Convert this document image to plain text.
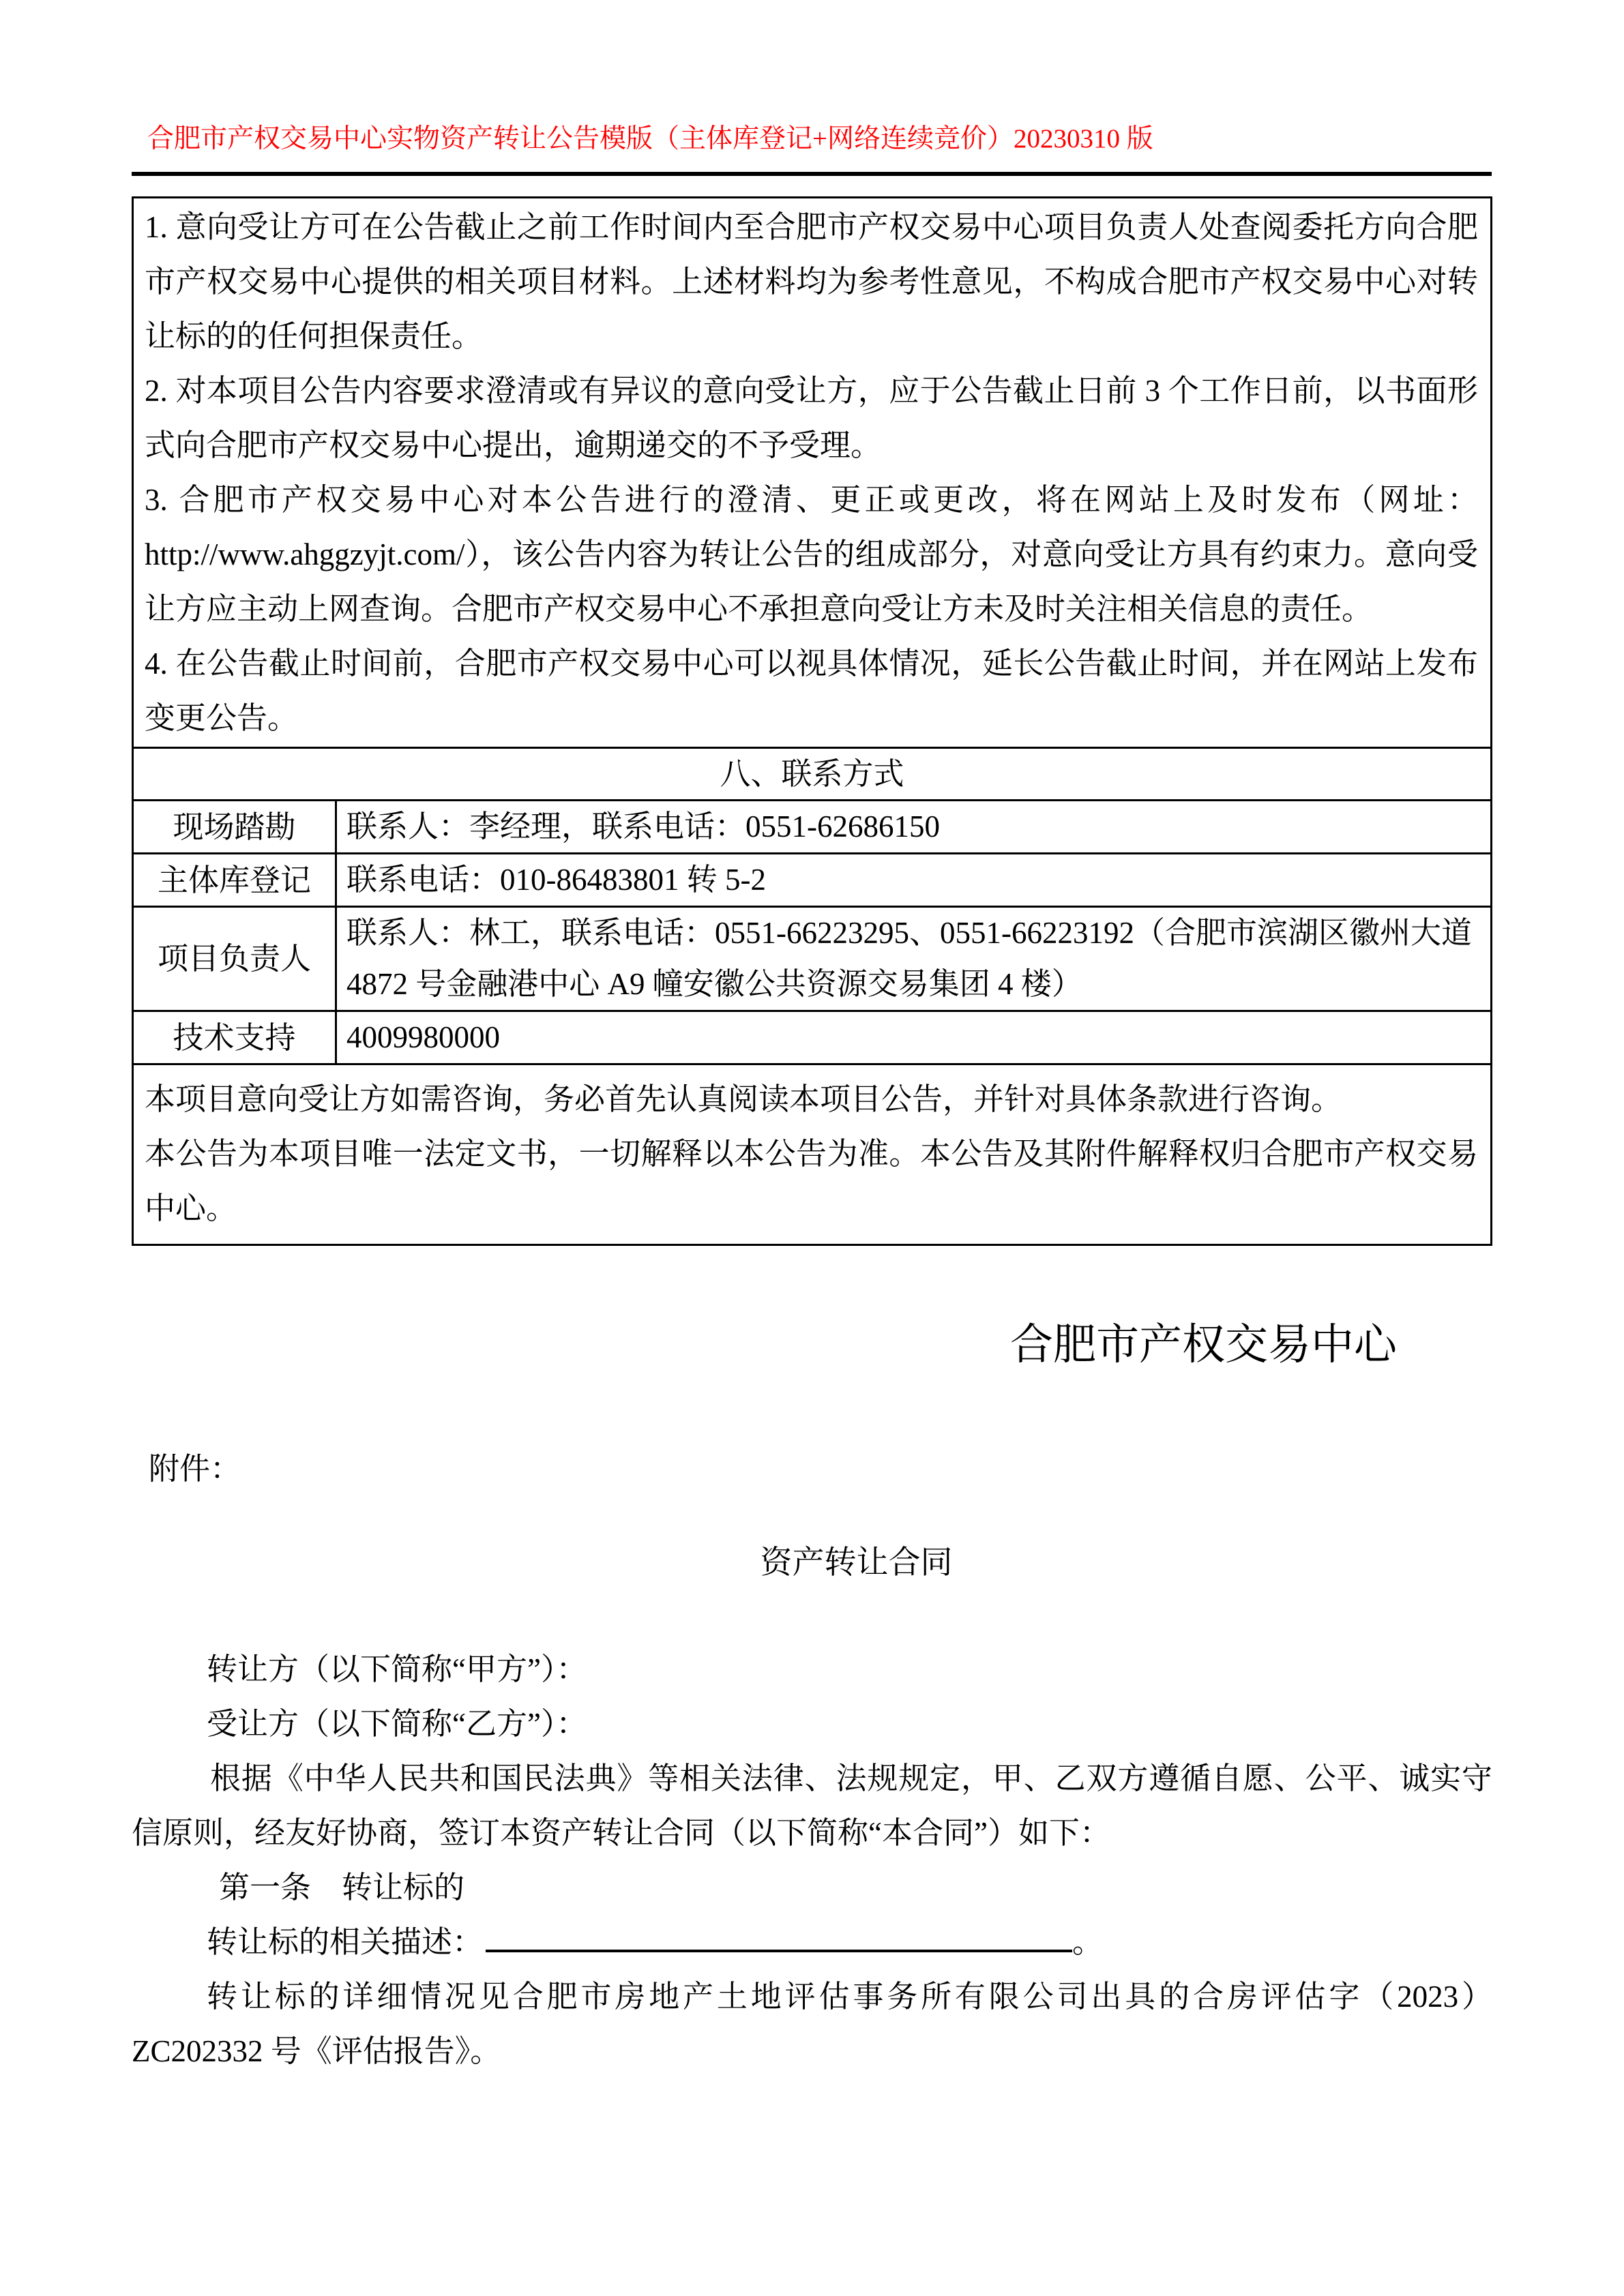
合肥市产权交易中心实物资产转让公告模版（主体库登记+网络连续竞价）20230310 版

1. 意向受让方可在公告截止之前工作时间内至合肥市产权交易中心项目负责人处查阅委托方向合肥市产权交易中心提供的相关项目材料。上述材料均为参考性意见，不构成合肥市产权交易中心对转让标的的任何担保责任。

2. 对本项目公告内容要求澄清或有异议的意向受让方，应于公告截止日前 3 个工作日前，以书面形式向合肥市产权交易中心提出，逾期递交的不予受理。

3. 合肥市产权交易中心对本公告进行的澄清、更正或更改，将在网站上及时发布（网址：http://www.ahggzyjt.com/），该公告内容为转让公告的组成部分，对意向受让方具有约束力。意向受让方应主动上网查询。合肥市产权交易中心不承担意向受让方未及时关注相关信息的责任。

4. 在公告截止时间前，合肥市产权交易中心可以视具体情况，延长公告截止时间，并在网站上发布变更公告。	

八、联系方式	
现场踏勘	联系人：李经理，联系电话：0551-62686150
主体库登记	联系电话：010-86483801 转 5-2
项目负责人	联系人：林工，联系电话：0551-66223295、0551-66223192（合肥市滨湖区徽州大道 4872 号金融港中心 A9 幢安徽公共资源交易集团 4 楼）
技术支持	4009980000

本项目意向受让方如需咨询，务必首先认真阅读本项目公告，并针对具体条款进行咨询。

本公告为本项目唯一法定文书，一切解释以本公告为准。本公告及其附件解释权归合肥市产权交易中心。	

合肥市产权交易中心
附件：
资产转让合同

转让方（以下简称“甲方”）：

受让方（以下简称“乙方”）：

根据《中华人民共和国民法典》等相关法律、法规规定，甲、乙双方遵循自愿、公平、诚实守信原则，经友好协商，签订本资产转让合同（以下简称“本合同”）如下：

第一条　转让标的

转让标的相关描述：	。

转让标的详细情况见合肥市房地产土地评估事务所有限公司出具的合房评估字（2023）ZC202332 号《评估报告》。
